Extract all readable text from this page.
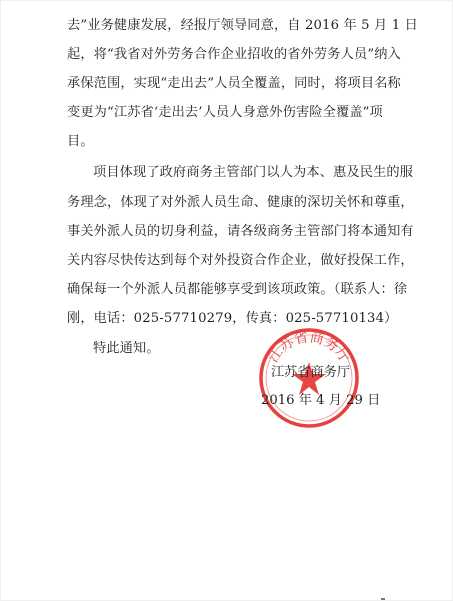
去”业务健康发展，经报厅领导同意，自 2016 年 5 月 1 日
起，将“我省对外劳务合作企业招收的省外劳务人员”纳入
承保范围，实现“走出去”人员全覆盖，同时，将项目名称
变更为“江苏省‘走出去’人员人身意外伤害险全覆盖”项
目。
项目体现了政府商务主管部门以人为本、惠及民生的服
务理念，体现了对外派人员生命、健康的深切关怀和尊重，
事关外派人员的切身利益，请各级商务主管部门将本通知有
关内容尽快传达到每个对外投资合作企业，做好投保工作，
确保每一个外派人员都能够享受到该项政策。（联系人：徐
刚，电话：025-57710279，传真：025-57710134）
特此通知。	江苏省商务厅
江苏省商务厅
2016 年 4 月 29 日
